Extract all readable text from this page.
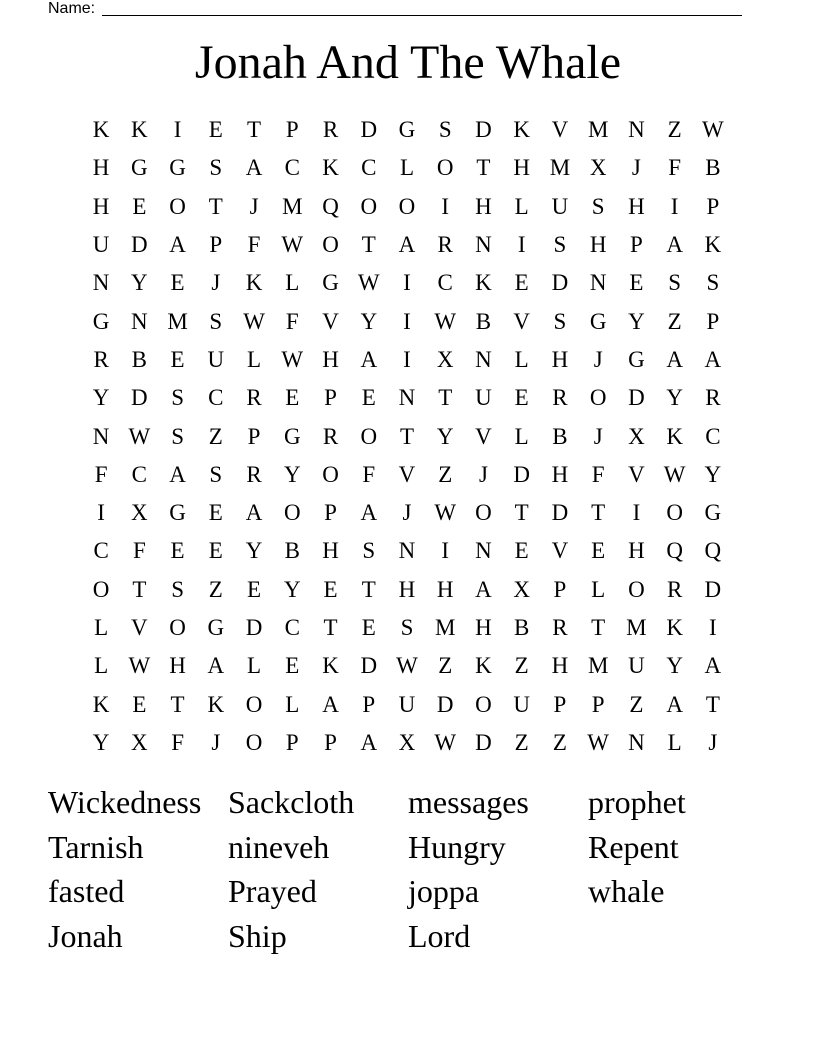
Name:
Jonah And The Whale
K K	I	E	T	P	R D G	S	D K V M N Z W
H G G	S	A C K C	L O T H M X	J	F	B
H E O T	J	M Q O O	I	H L U	S	H	I	P
U D A	P	F W O T A R N	I	S	H	P	A K
N Y E	J	K L G W	I	C K E D N E	S	S
G N M S W F	V Y	I	W B V	S	G Y Z	P
R B	E U L W H A	I	X N L H	J	G A A
Y D	S	C R	E	P	E N T U E	R O D Y R
N W S	Z	P	G R O T Y V L	B	J	X K C
F	C A	S	R Y O	F	V Z	J	D H	F	V W Y
I	X G E A O	P	A	J W O T D T	I	O G
C	F	E	E Y B H	S	N	I	N E V E H Q Q
O T	S	Z	E Y E	T H H A X	P	L O R D
L V O G D C	T	E	S M H B R	T M K	I
L W H A L	E K D W Z K Z H M U Y A
K E	T K O L A	P	U D O U	P	P	Z A T
Y X	F	J	O	P	P	A X W D Z	Z W N L	J
Wickedness Sackcloth	messages	prophet
Tarnish	nineveh	Hungry	Repent
fasted	Prayed	joppa	whale
Jonah	Ship	Lord
